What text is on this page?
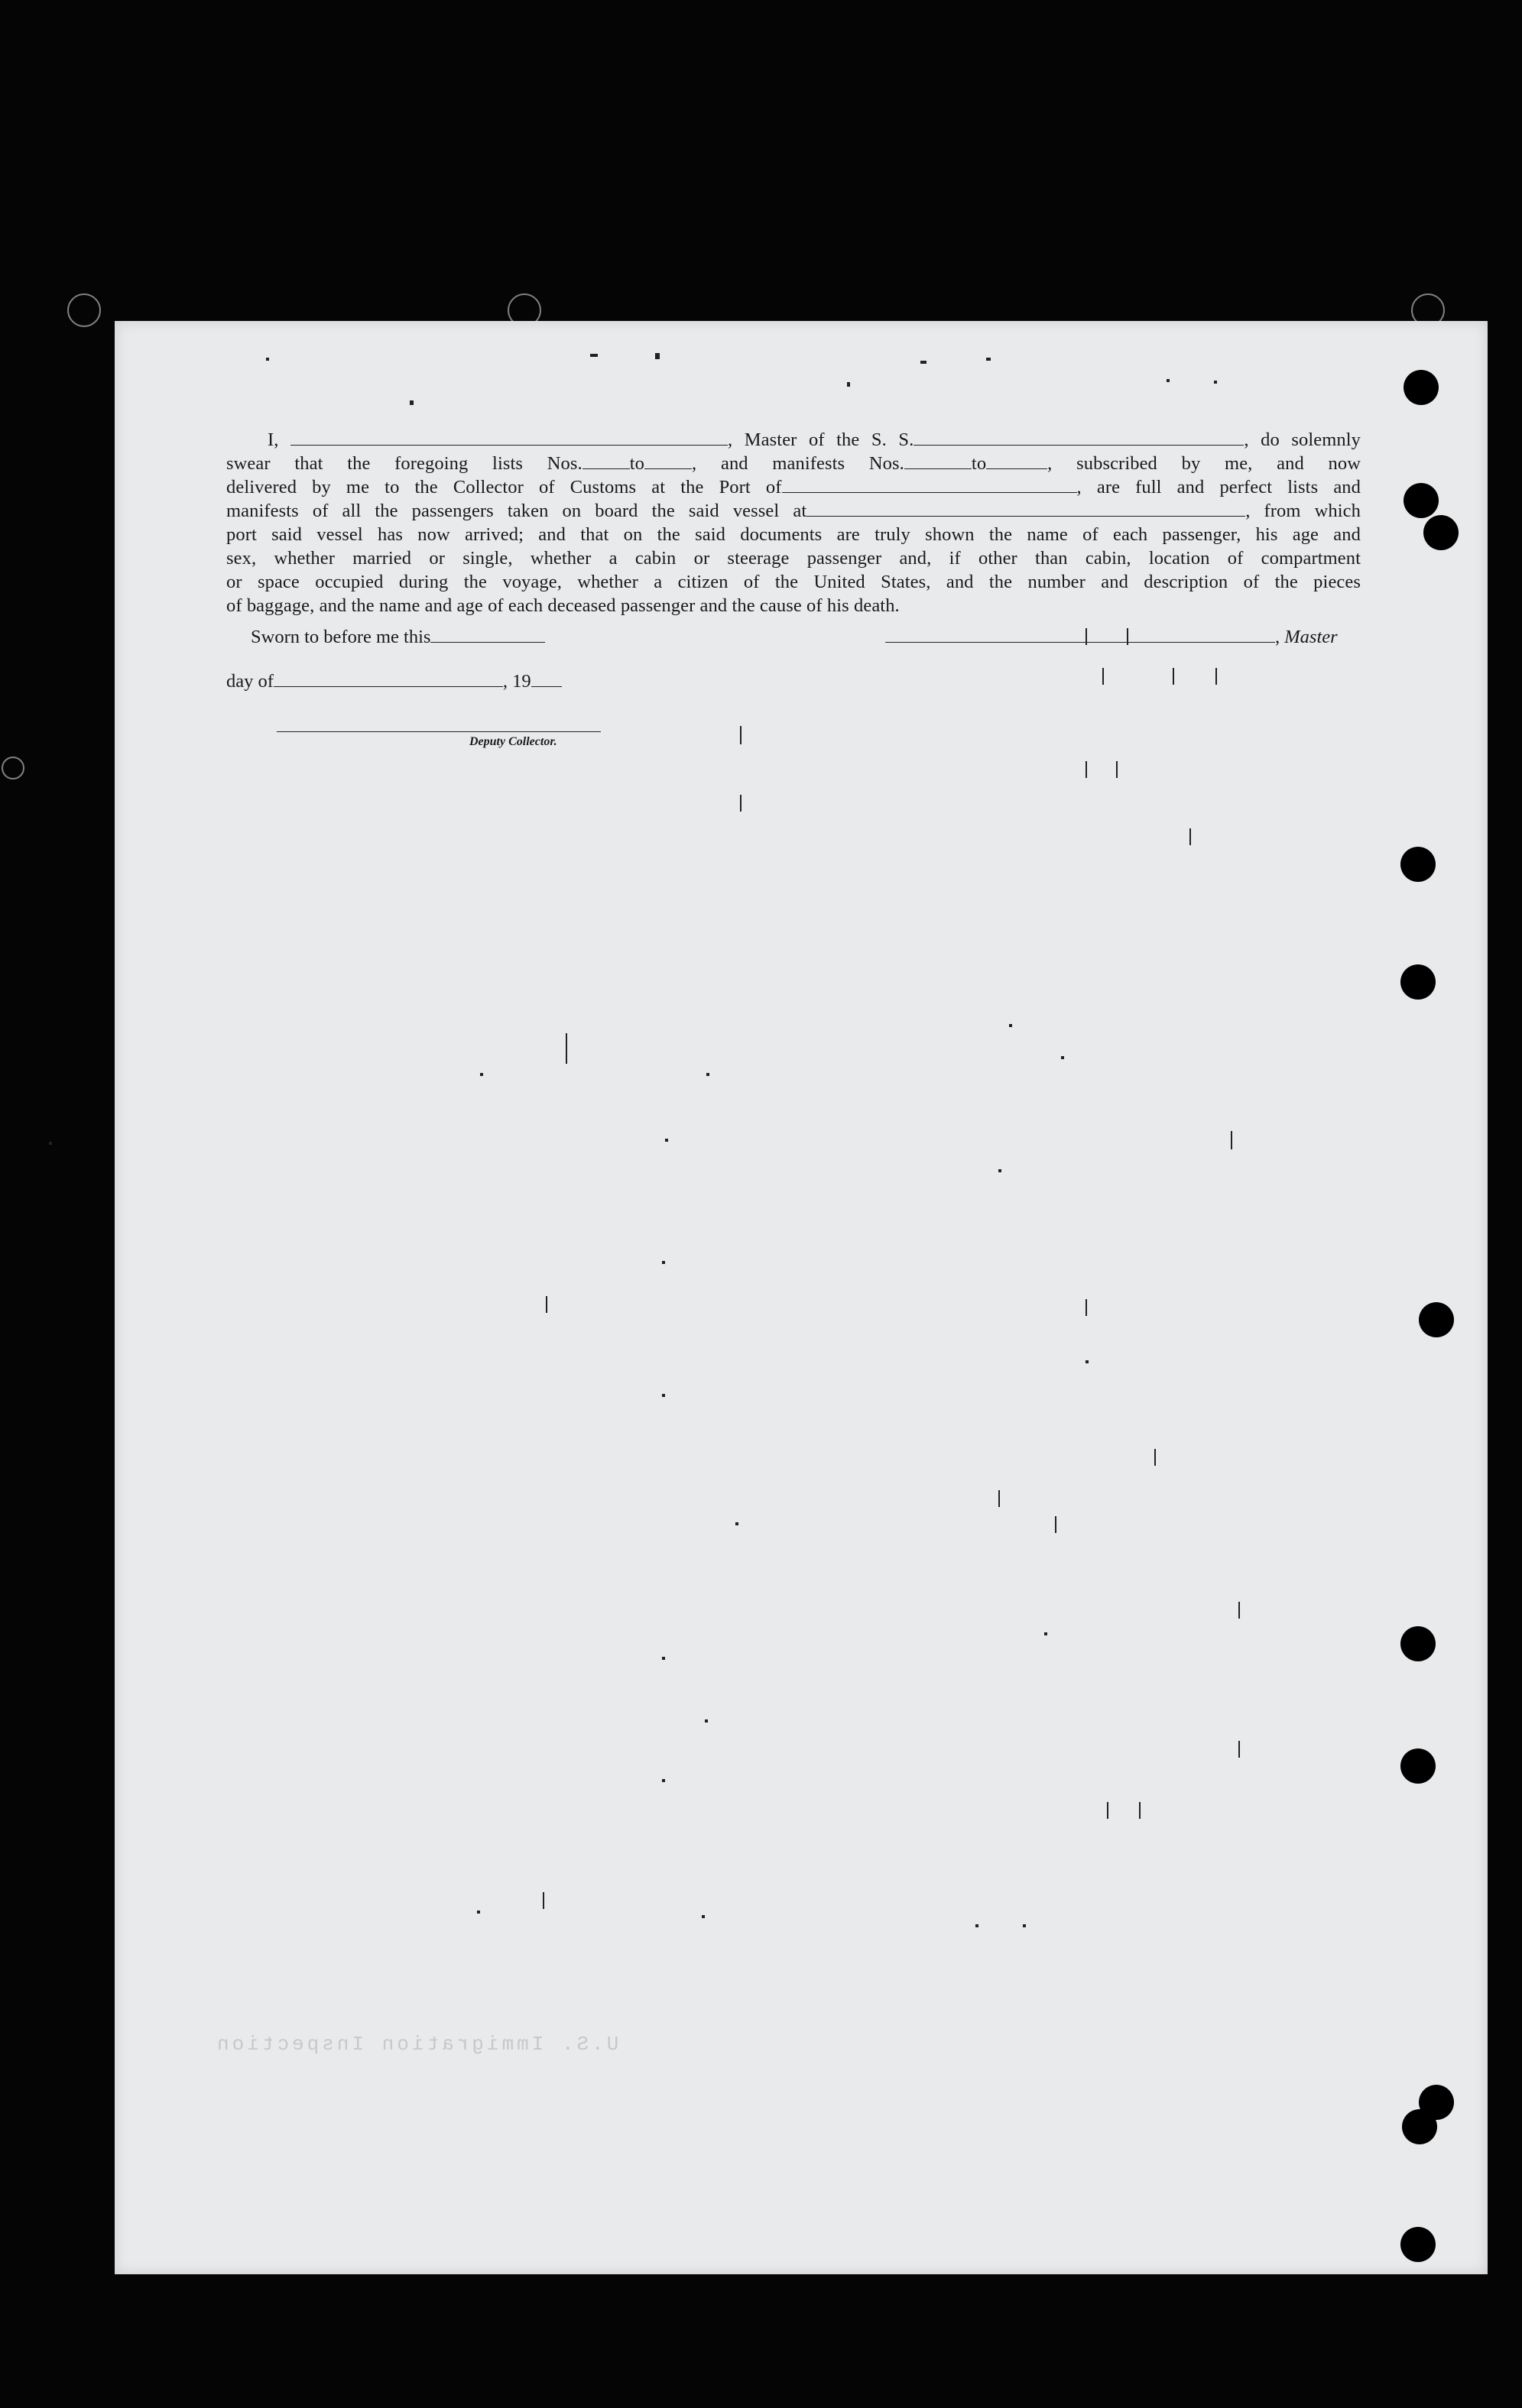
I,	, Master of the S. S.	, do solemnly
swear that the foregoing lists Nos.	to	, and manifests Nos.	to	, subscribed by me, and now
delivered by me to the Collector of Customs at the Port of	, are full and perfect lists and
manifests of all the passengers taken on board the said vessel at	, from which
port said vessel has now arrived; and that on the said documents are truly shown the name of each passenger, his age and
sex, whether married or single, whether a cabin or steerage passenger and, if other than cabin, location of compartment
or space occupied during the voyage, whether a citizen of the United States, and the number and description of the pieces
of baggage, and the name and age of each deceased passenger and the cause of his death.
Sworn to before me this
day of	, 19
Deputy Collector.
, Master
U.S. Immigration Inspection
